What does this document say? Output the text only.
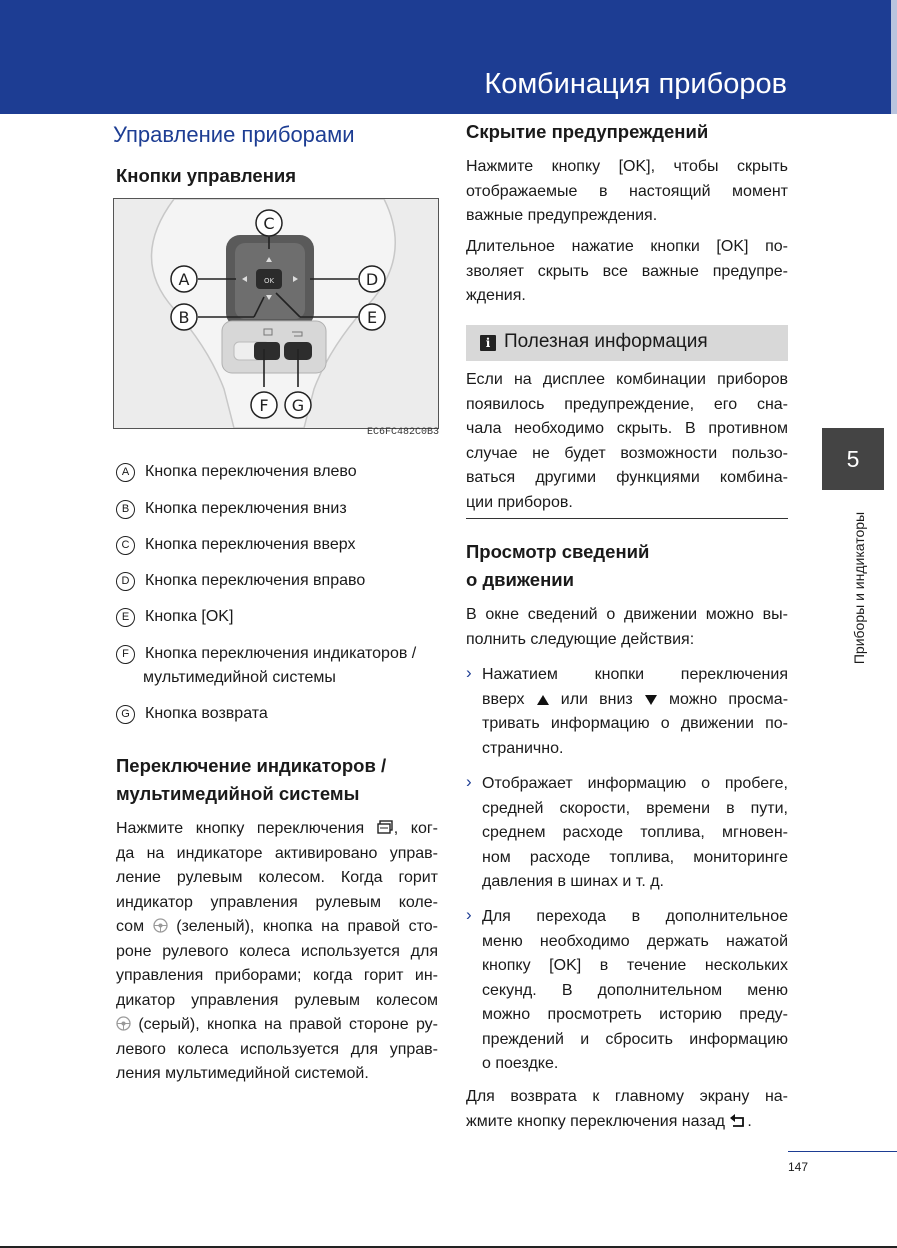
Комбинация приборов
Управление приборами
Кнопки управления
OK
C
A	D
B	E
F G
EC6FC482C0B3
A Кнопка переключения влево
B Кнопка переключения вниз
C Кнопка переключения вверх
D Кнопка переключения вправо
E Кнопка [OK]
F Кнопка переключения индикаторов /
мультимедийной системы
G Кнопка возврата
Переключение индикаторов /
мультимедийной системы
Нажмите кнопку переключения , ког-
да на индикаторе активировано управ-
ление рулевым колесом. Когда горит
индикатор управления рулевым коле-
сом  (зеленый), кнопка на правой сто-
роне рулевого колеса используется для
управления приборами; когда горит ин-
дикатор управления рулевым колесом
(серый), кнопка на правой стороне ру-
левого колеса используется для управ-
ления мультимедийной системой.
Скрытие предупреждений
Нажмите кнопку [OK], чтобы скрыть
отображаемые в настоящий момент
важные предупреждения.
Длительное нажатие кнопки [OK] по-
зволяет скрыть все важные предупре-
ждения.
i Полезная информация
Если на дисплее комбинации приборов
появилось предупреждение, его сна-
чала необходимо скрыть. В противном
случае не будет возможности пользо-
ваться другими функциями комбина-
ции приборов.
Просмотр сведений
о движении
В окне сведений о движении можно вы-
полнить следующие действия:
› Нажатием кнопки переключения
вверх или вниз можно просма-
тривать информацию о движении по-
странично.
› Отображает информацию о пробеге,
средней скорости, времени в пути,
среднем расходе топлива, мгновен-
ном расходе топлива, мониторинге
давления в шинах и т. д.
› Для перехода в дополнительное
меню необходимо держать нажатой
кнопку [OK] в течение нескольких
секунд. В дополнительном меню
можно просмотреть историю преду-
преждений и сбросить информацию
о поездке.
Для возврата к главному экрану на-
жмите кнопку переключения назад .
5
Приборы и индикаторы
147
